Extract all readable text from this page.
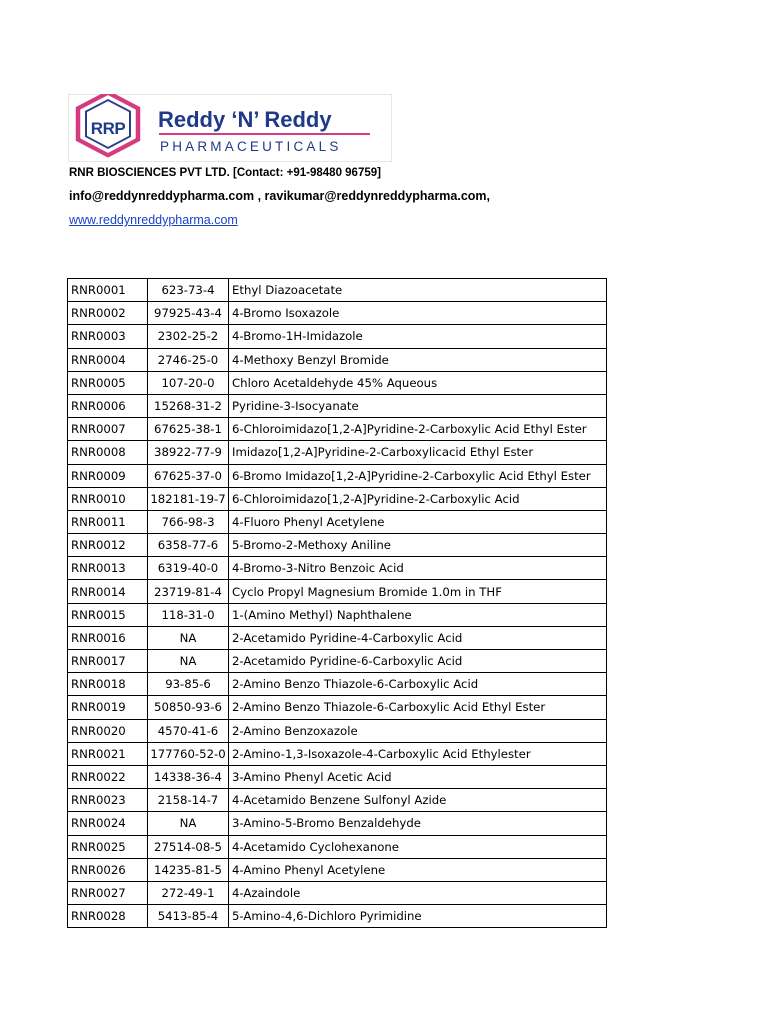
RRP Reddy ‘N’ Reddy
PHARMACEUTICALS
RNR BIOSCIENCES PVT LTD. [Contact: +91-98480 96759]
info@reddynreddypharma.com , ravikumar@reddynreddypharma.com,
www.reddynreddypharma.com
RNR0001	623-73-4	Ethyl Diazoacetate
RNR0002	97925-43-4	4-Bromo Isoxazole
RNR0003	2302-25-2	4-Bromo-1H-Imidazole
RNR0004	2746-25-0	4-Methoxy Benzyl Bromide
RNR0005	107-20-0	Chloro Acetaldehyde 45% Aqueous
RNR0006	15268-31-2	Pyridine-3-Isocyanate
RNR0007	67625-38-1	6-Chloroimidazo[1,2-A]Pyridine-2-Carboxylic Acid Ethyl Ester
RNR0008	38922-77-9	Imidazo[1,2-A]Pyridine-2-Carboxylicacid Ethyl Ester
RNR0009	67625-37-0	6-Bromo Imidazo[1,2-A]Pyridine-2-Carboxylic Acid Ethyl Ester
RNR0010	182181-19-7	6-Chloroimidazo[1,2-A]Pyridine-2-Carboxylic Acid
RNR0011	766-98-3	4-Fluoro Phenyl Acetylene
RNR0012	6358-77-6	5-Bromo-2-Methoxy Aniline
RNR0013	6319-40-0	4-Bromo-3-Nitro Benzoic Acid
RNR0014	23719-81-4	Cyclo Propyl Magnesium Bromide 1.0m in THF
RNR0015	118-31-0	1-(Amino Methyl) Naphthalene
RNR0016	NA	2-Acetamido Pyridine-4-Carboxylic Acid
RNR0017	NA	2-Acetamido Pyridine-6-Carboxylic Acid
RNR0018	93-85-6	2-Amino Benzo Thiazole-6-Carboxylic Acid
RNR0019	50850-93-6	2-Amino Benzo Thiazole-6-Carboxylic Acid Ethyl Ester
RNR0020	4570-41-6	2-Amino Benzoxazole
RNR0021	177760-52-0	2-Amino-1,3-Isoxazole-4-Carboxylic Acid Ethylester
RNR0022	14338-36-4	3-Amino Phenyl Acetic Acid
RNR0023	2158-14-7	4-Acetamido Benzene Sulfonyl Azide
RNR0024	NA	3-Amino-5-Bromo Benzaldehyde
RNR0025	27514-08-5	4-Acetamido Cyclohexanone
RNR0026	14235-81-5	4-Amino Phenyl Acetylene
RNR0027	272-49-1	4-Azaindole
RNR0028	5413-85-4	5-Amino-4,6-Dichloro Pyrimidine
